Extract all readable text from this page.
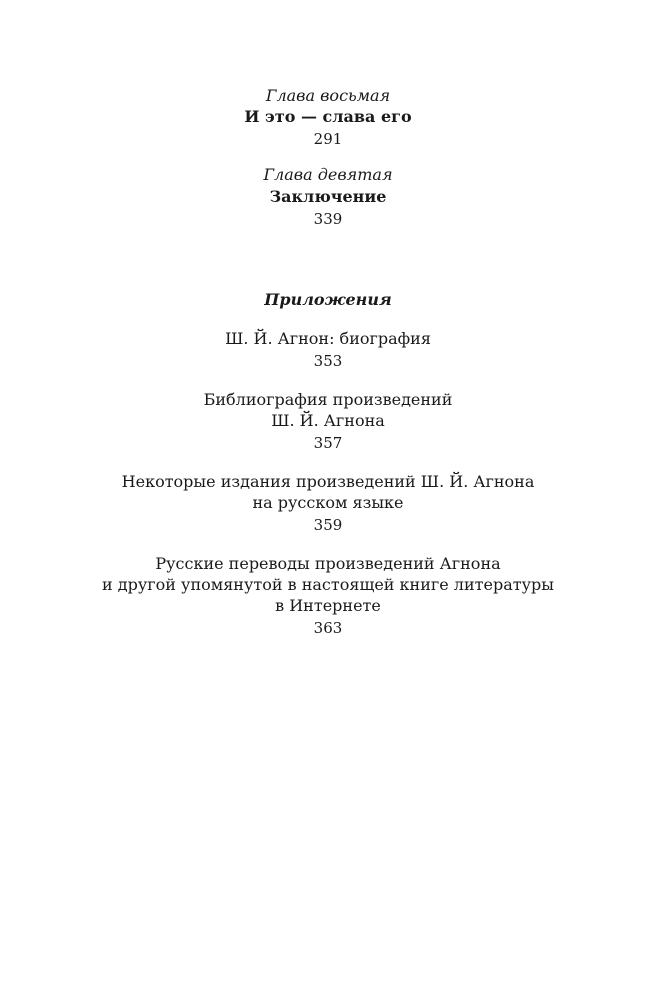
Глава восьмая
И это — слава его
291
Глава девятая
Заключение
339
Приложения
Ш. Й. Агнон: биография
353
Библиография произведений
Ш. Й. Агнона
357
Некоторые издания произведений Ш. Й. Агнона
на русском языке
359
Русские переводы произведений Агнона
и другой упомянутой в настоящей книге литературы
в Интернете
363
